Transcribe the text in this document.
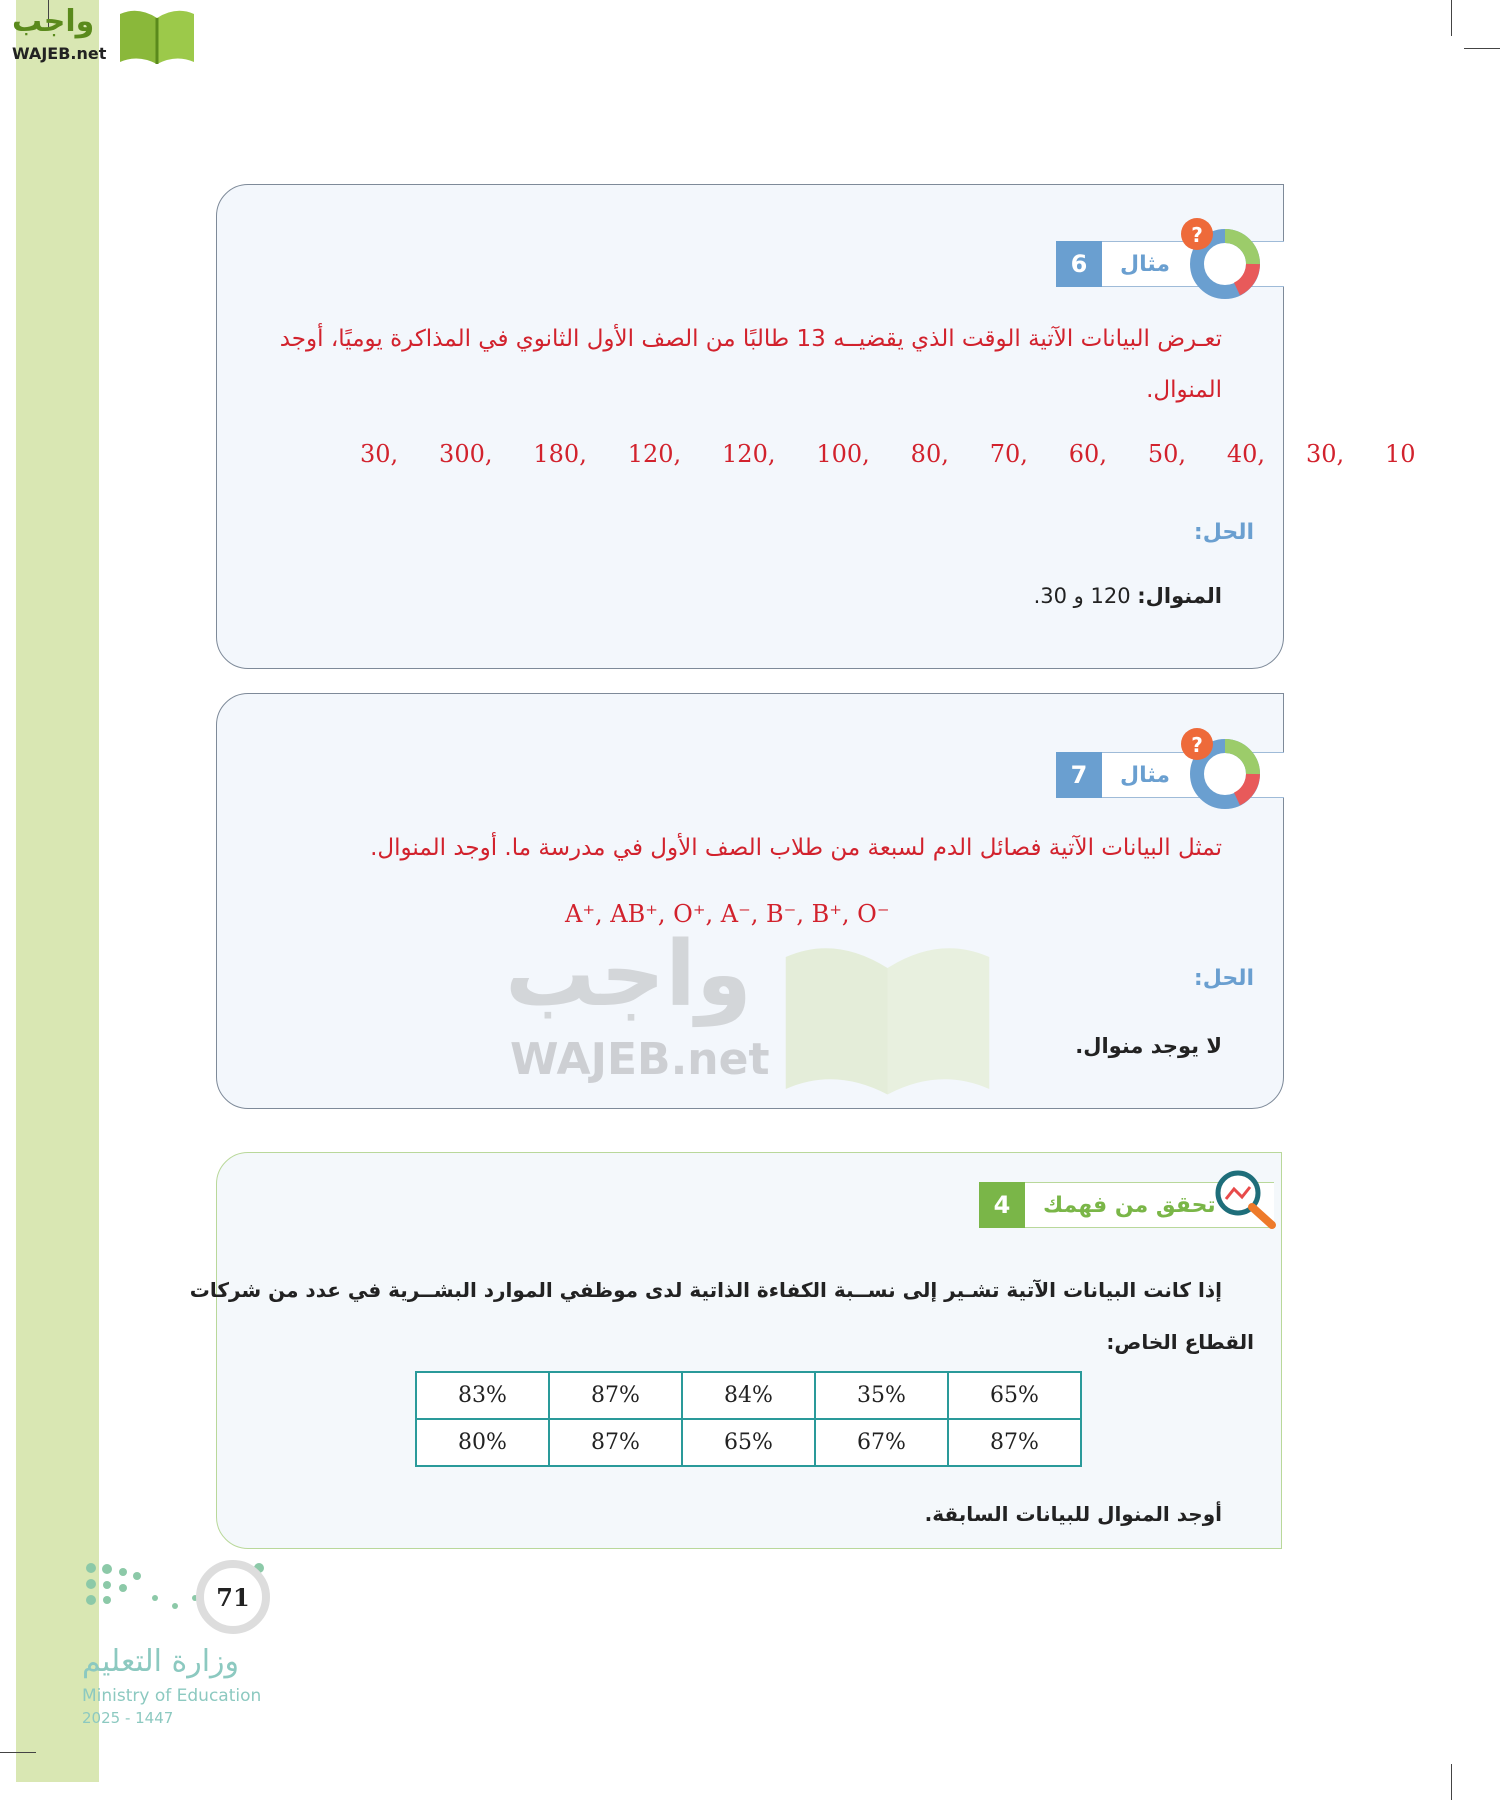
واجب
WAJEB.net
6	مثال
?
تعـرض البيانات الآتية الوقت الذي يقضيــه 13 طالبًا من الصف الأول الثانوي في المذاكرة يوميًا، أوجد
المنوال.
30,   300,   180,   120,   120,   100,   80,   70,   60,   50,   40,   30,   10
الحل:
المنوال: 120 و 30.
7	مثال
?
تمثل البيانات الآتية فصائل الدم لسبعة من طلاب الصف الأول في مدرسة ما. أوجد المنوال.
A⁺, AB⁺, O⁺, A⁻, B⁻, B⁺, O⁻
الحل:
لا يوجد منوال.
واجب
WAJEB.net
4	تحقق من فهمك
إذا كانت البيانات الآتية تشـير إلى نســبة الكفاءة الذاتية لدى موظفي الموارد البشــرية في عدد من شركات
القطاع الخاص:
83%	87%	84%	35%	65%
80%	87%	65%	67%	87%
أوجد المنوال للبيانات السابقة.
وزارة التعليم
Ministry of Education
2025 - 1447
71
